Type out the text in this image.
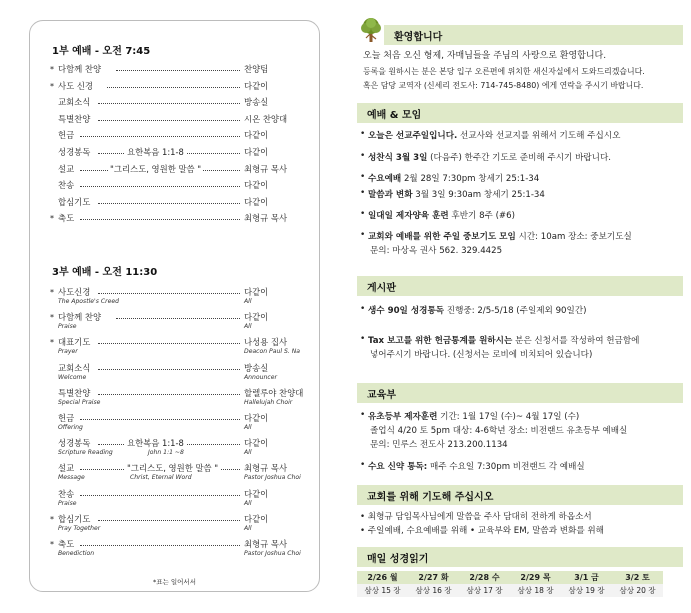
1부 예배 - 오전 7:45
* 다함께 찬양	찬양팀
* 사도 신경	다같이
교회소식	방송실
특별찬양	시온 찬양대
헌금	다같이
성경봉독	요한복음 1:1-8	다같이
설교	"그리스도, 영원한 말씀 "	최형규 목사
찬송	다같이
합심기도	다같이
* 축도	최형규 목사
3부 예배 - 오전 11:30
* 사도신경	다같이
The Apostle's Creed	All
* 다함께 찬양	다같이
Praise	All
* 대표기도	나성용 집사
Prayer	Deacon Paul S. Na
교회소식	방송실
Welcome	Announcer
특별찬양	할렐루야 찬양대
Special Praise	Hallelujah Choir
헌금	다같이
Offering	All
성경봉독	요한복음 1:1-8	다같이
Scripture Reading	John 1:1 ~8	All
설교	"그리스도, 영원한 말씀 "	최형규 목사
Message	Christ, Eternal Word	Pastor Joshua Choi
찬송	다같이
Praise	All
* 합심기도	다같이
Pray Together	All
* 축도	최형규 목사
Benediction	Pastor Joshua Choi
*표는 일어서서
환영합니다
오늘 처음 오신 형제, 자매님들을 주님의 사랑으로 환영합니다.
등록을 원하시는 분은 본당 입구 오른편에 위치한 새신자실에서 도와드리겠습니다.
혹은 담당 교역자 (신세리 전도사: 714-745-8480) 에게 연락을 주시기 바랍니다.
예배 & 모임
• 오늘은 선교주일입니다. 선교사와 선교지를 위해서 기도해 주십시오
• 성찬식 3월 3일 (다음주) 한주간 기도로 준비해 주시기 바랍니다.
• 수요예배 2월 28일 7:30pm 창세기 25:1-34
• 말씀과 변화 3월 3일 9:30am 창세기 25:1-34
• 일대일 제자양육 훈련 후반기 8주 (#6)
• 교회와 예배를 위한 주일 중보기도 모임 시간: 10am 장소: 중보기도실
문의: 마상옥 권사 562. 329.4425
게시판
• 생수 90일 성경통독 진행중: 2/5-5/18 (주일제외 90일간)
• Tax 보고를 위한 헌금통계를 원하시는 분은 신청서를 작성하여 헌금함에
넣어주시기 바랍니다. (신청서는 로비에 비치되어 있습니다)
교육부
• 유초등부 제자훈련 기간: 1월 17일 (수)~ 4월 17일 (수)
졸업식 4/20 토 5pm 대상: 4-6학년 장소: 비전랜드 유초등부 예배실
문의: 민루스 전도사 213.200.1134
• 수요 신약 통독: 매주 수요일 7:30pm 비전랜드 각 예배실
교회를 위해 기도해 주십시오
• 최형규 담임목사님에게 말씀을 주사 담대히 전하게 하옵소서
• 주일예배, 수요예배를 위해 • 교육부와 EM, 말씀과 변화를 위해
매일 성경읽기
2/26 월	2/27 화	2/28 수	2/29 목	3/1 금	3/2 토
삼상 15 장	삼상 16 장	삼상 17 장	삼상 18 장	삼상 19 장	삼상 20 장
